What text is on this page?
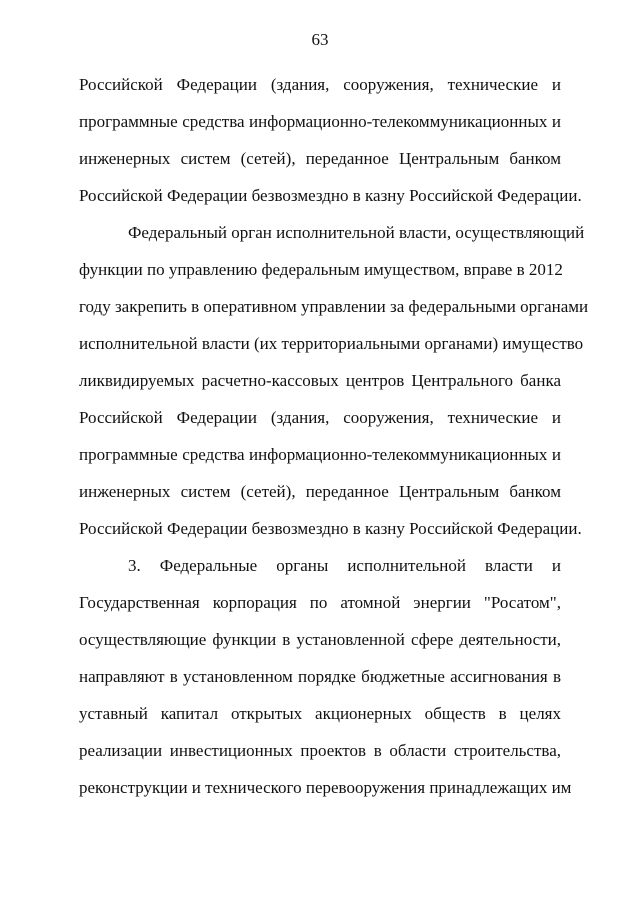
63
Российской Федерации (здания, сооружения, технические и
программные средства информационно-телекоммуникационных и
инженерных систем (сетей), переданное Центральным банком
Российской Федерации безвозмездно в казну Российской Федерации.
Федеральный орган исполнительной власти, осуществляющий
функции по управлению федеральным имуществом, вправе в 2012
году закрепить в оперативном управлении за федеральными органами
исполнительной власти (их территориальными органами) имущество
ликвидируемых расчетно-кассовых центров Центрального банка
Российской Федерации (здания, сооружения, технические и
программные средства информационно-телекоммуникационных и
инженерных систем (сетей), переданное Центральным банком
Российской Федерации безвозмездно в казну Российской Федерации.
3. Федеральные органы исполнительной власти и
Государственная корпорация по атомной энергии "Росатом",
осуществляющие функции в установленной сфере деятельности,
направляют в установленном порядке бюджетные ассигнования в
уставный капитал открытых акционерных обществ в целях
реализации инвестиционных проектов в области строительства,
реконструкции и технического перевооружения принадлежащих им
